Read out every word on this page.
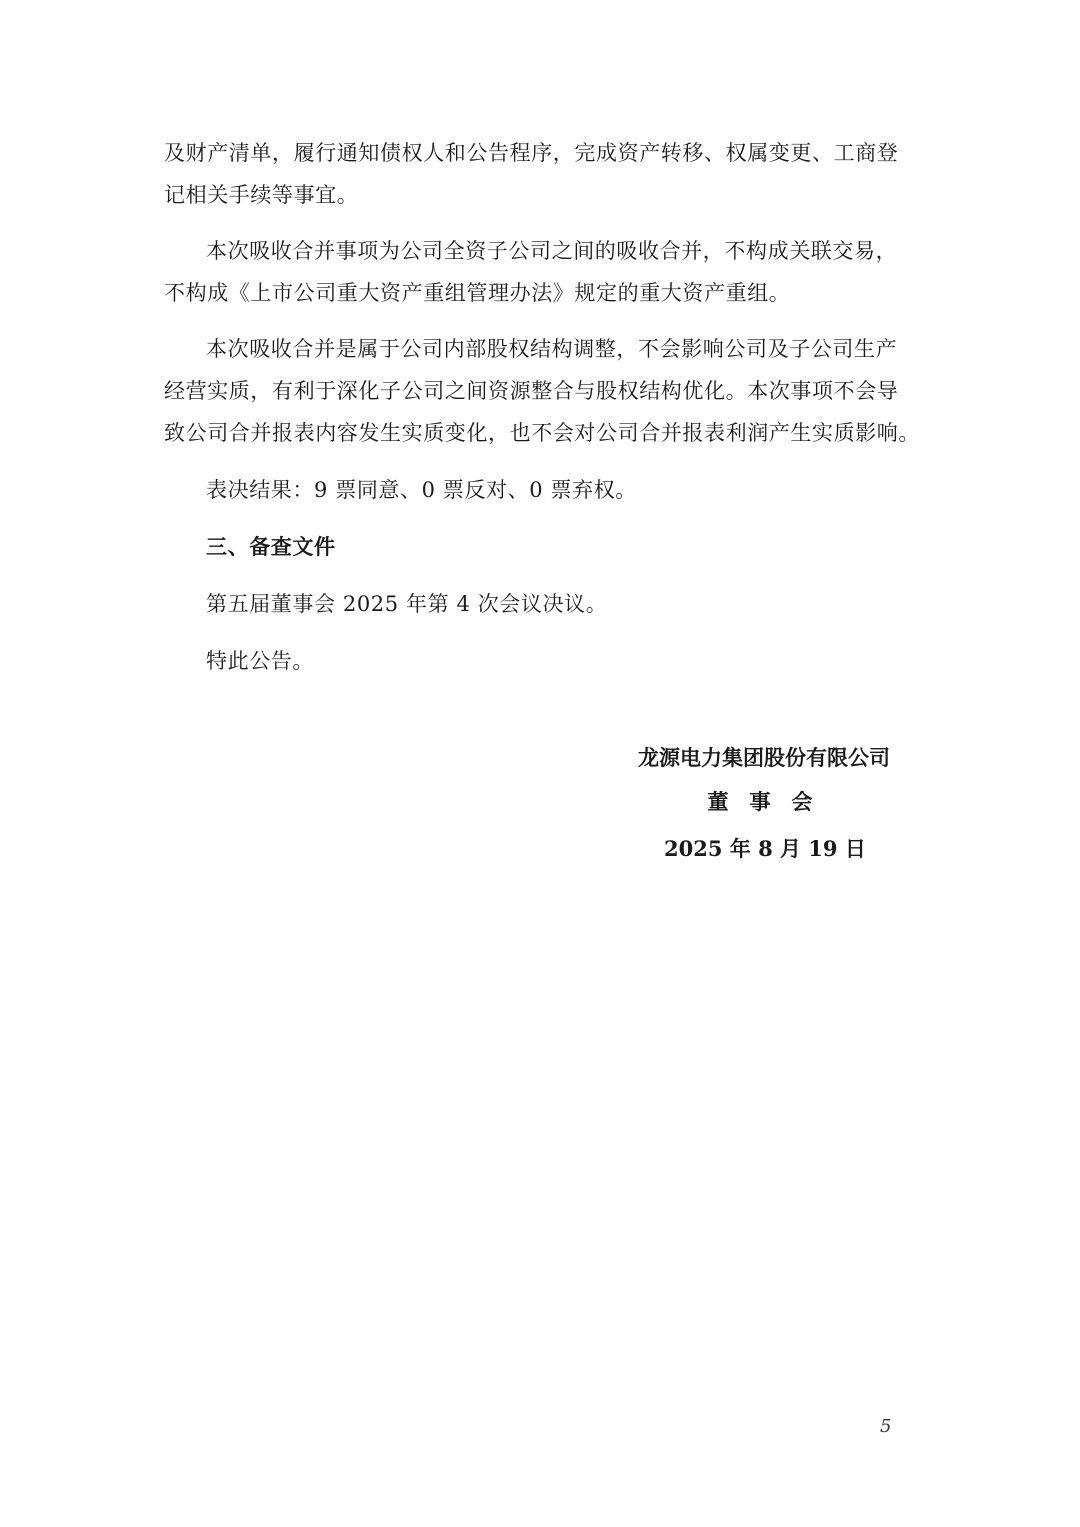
及财产清单，履行通知债权人和公告程序，完成资产转移、权属变更、工商登
记相关手续等事宜。
本次吸收合并事项为公司全资子公司之间的吸收合并，不构成关联交易，
不构成《上市公司重大资产重组管理办法》规定的重大资产重组。
本次吸收合并是属于公司内部股权结构调整，不会影响公司及子公司生产
经营实质，有利于深化子公司之间资源整合与股权结构优化。本次事项不会导
致公司合并报表内容发生实质变化，也不会对公司合并报表利润产生实质影响。
表决结果：9 票同意、0 票反对、0 票弃权。
三、备查文件
第五届董事会 2025 年第 4 次会议决议。
特此公告。
龙源电力集团股份有限公司
董　事　会
2025 年 8 月 19 日
5
